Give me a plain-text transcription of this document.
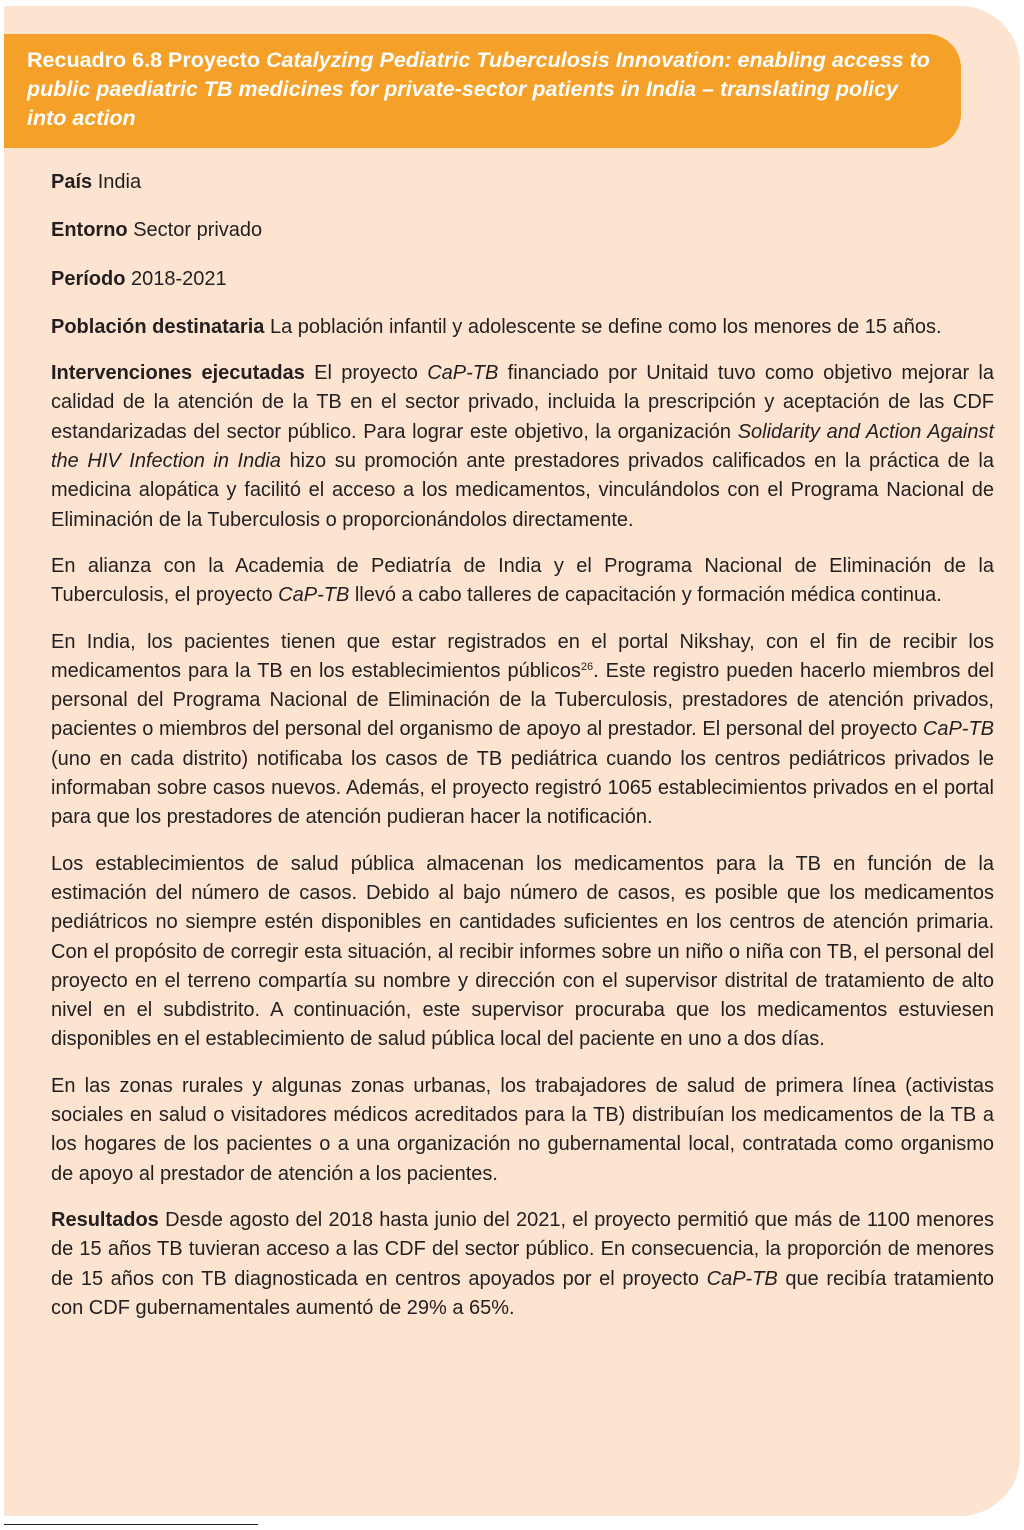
Recuadro 6.8 Proyecto Catalyzing Pediatric Tuberculosis Innovation: enabling access to public paediatric TB medicines for private-sector patients in India – translating policy into action

País India

Entorno Sector privado

Período 2018-2021

Población destinataria La población infantil y adolescente se define como los menores de 15 años.

Intervenciones ejecutadas El proyecto CaP-TB financiado por Unitaid tuvo como objetivo mejorar la calidad de la atención de la TB en el sector privado, incluida la prescripción y aceptación de las CDF estandarizadas del sector público. Para lograr este objetivo, la organización Solidarity and Action Against the HIV Infection in India hizo su promoción ante prestadores privados calificados en la práctica de la medicina alopática y facilitó el acceso a los medicamentos, vinculándolos con el Programa Nacional de Eliminación de la Tuberculosis o proporcionándolos directamente.

En alianza con la Academia de Pediatría de India y el Programa Nacional de Eliminación de la Tuberculosis, el proyecto CaP-TB llevó a cabo talleres de capacitación y formación médica continua.

En India, los pacientes tienen que estar registrados en el portal Nikshay, con el fin de recibir los medicamentos para la TB en los establecimientos públicos$^{26}$. Este registro pueden hacerlo miembros del personal del Programa Nacional de Eliminación de la Tuberculosis, prestadores de atención privados, pacientes o miembros del personal del organismo de apoyo al prestador. El personal del proyecto CaP-TB (uno en cada distrito) notificaba los casos de TB pediátrica cuando los centros pediátricos privados le informaban sobre casos nuevos. Además, el proyecto registró 1065 establecimientos privados en el portal para que los prestadores de atención pudieran hacer la notificación.

Los establecimientos de salud pública almacenan los medicamentos para la TB en función de la estimación del número de casos. Debido al bajo número de casos, es posible que los medicamentos pediátricos no siempre estén disponibles en cantidades suficientes en los centros de atención primaria. Con el propósito de corregir esta situación, al recibir informes sobre un niño o niña con TB, el personal del proyecto en el terreno compartía su nombre y dirección con el supervisor distrital de tratamiento de alto nivel en el subdistrito. A continuación, este supervisor procuraba que los medicamentos estuviesen disponibles en el establecimiento de salud pública local del paciente en uno a dos días.

En las zonas rurales y algunas zonas urbanas, los trabajadores de salud de primera línea (activistas sociales en salud o visitadores médicos acreditados para la TB) distribuían los medicamentos de la TB a los hogares de los pacientes o a una organización no gubernamental local, contratada como organismo de apoyo al prestador de atención a los pacientes.

Resultados Desde agosto del 2018 hasta junio del 2021, el proyecto permitió que más de 1100 menores de 15 años TB tuvieran acceso a las CDF del sector público. En consecuencia, la proporción de menores de 15 años con TB diagnosticada en centros apoyados por el proyecto CaP-TB que recibía tratamiento con CDF gubernamentales aumentó de 29% a 65%.
